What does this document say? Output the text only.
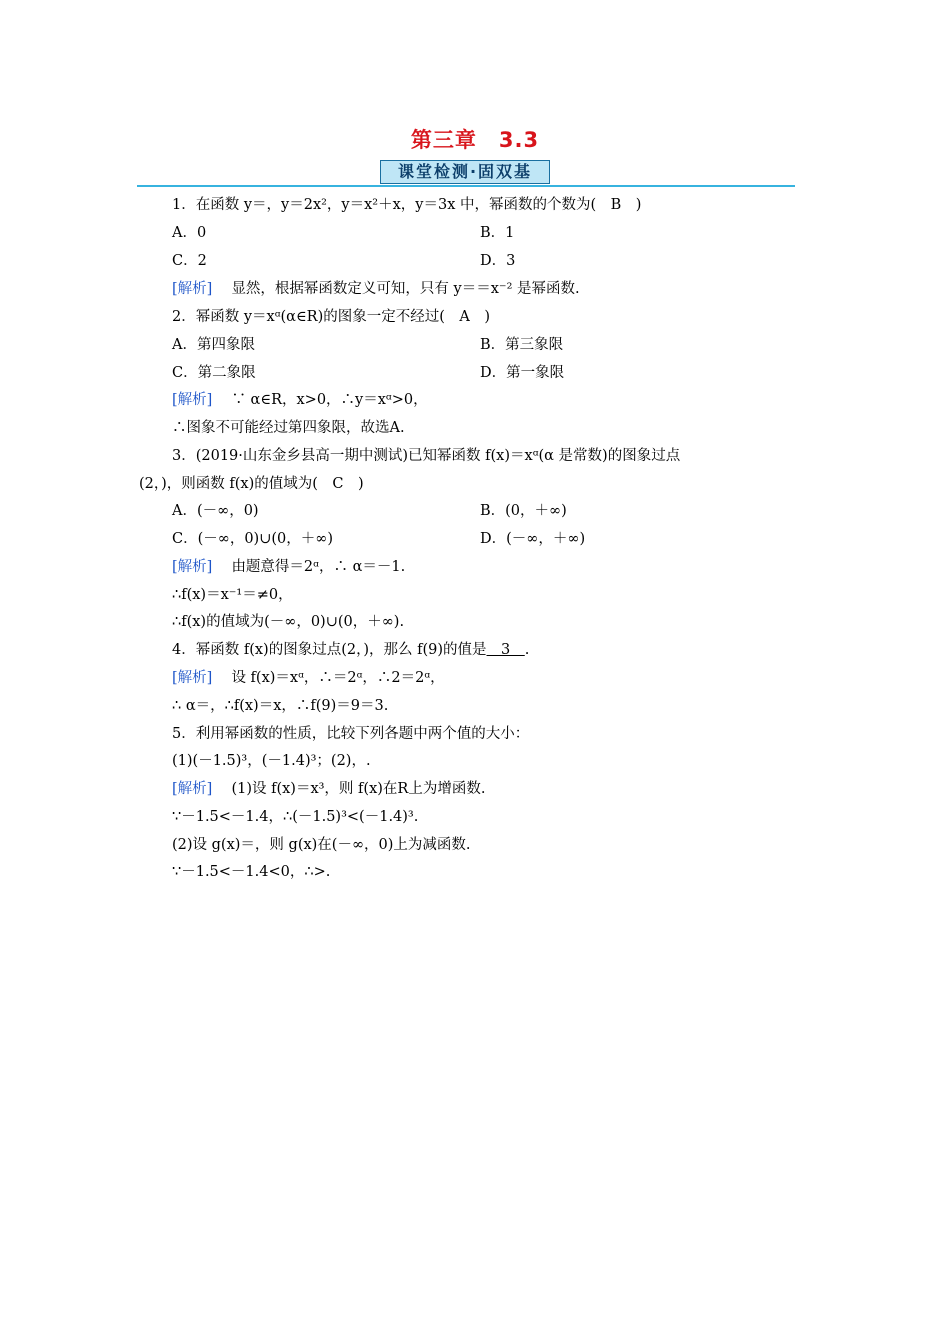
第三章　3.3
课堂检测·固双基
1．在函数 y＝，y＝2x²，y＝x²＋x，y＝3x 中，幂函数的个数为(　B　)
A．0	B．1
C．2	D．3
[解析]　 显然，根据幂函数定义可知，只有 y＝＝x⁻² 是幂函数.
2．幂函数 y＝xᵅ(α∈R)的图象一定不经过(　A　)
A．第四象限	B．第三象限
C．第二象限	D．第一象限
[解析]　 ∵ α∈R，x>0，∴y＝xᵅ>0，
∴图象不可能经过第四象限，故选A.
3．(2019·山东金乡县高一期中测试)已知幂函数 f(x)＝xᵅ(α 是常数)的图象过点
(2，)，则函数 f(x)的值域为(　C　)
A．(－∞，0)	B．(0，＋∞)
C．(－∞，0)∪(0，＋∞)	D．(－∞，＋∞)
[解析]　 由题意得＝2ᵅ，∴ α＝－1.
∴f(x)＝x⁻¹＝≠0，
∴f(x)的值域为(－∞，0)∪(0，＋∞).
4．幂函数 f(x)的图象过点(2，)，那么 f(9)的值是　3　.
[解析]　 设 f(x)＝xᵅ，∴＝2ᵅ，∴2＝2ᵅ，
∴ α＝，∴f(x)＝x，∴f(9)＝9＝3.
5．利用幂函数的性质，比较下列各题中两个值的大小：
(1)(－1.5)³，(－1.4)³；(2)，.
[解析]　 (1)设 f(x)＝x³，则 f(x)在R上为增函数.
∵－1.5<－1.4，∴(－1.5)³<(－1.4)³.
(2)设 g(x)＝，则 g(x)在(－∞，0)上为减函数.
∵－1.5<－1.4<0，∴>.
